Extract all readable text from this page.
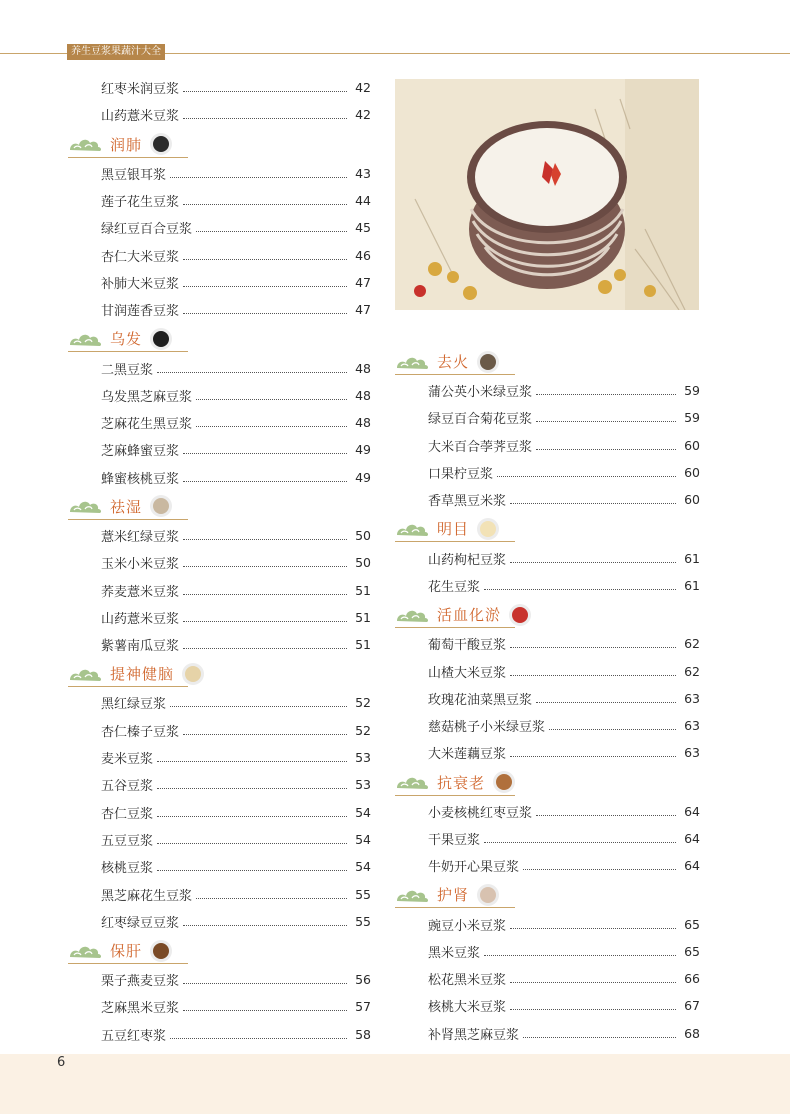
养生豆浆果蔬汁大全
红枣米润豆浆	42
山药薏米豆浆	42
润肺
黑豆银耳浆	43
莲子花生豆浆	44
绿红豆百合豆浆	45
杏仁大米豆浆	46
补肺大米豆浆	47
甘润莲香豆浆	47
乌发
二黑豆浆	48
乌发黑芝麻豆浆	48
芝麻花生黑豆浆	48
芝麻蜂蜜豆浆	49
蜂蜜核桃豆浆	49
祛湿
薏米红绿豆浆	50
玉米小米豆浆	50
荞麦薏米豆浆	51
山药薏米豆浆	51
紫薯南瓜豆浆	51
提神健脑
黑红绿豆浆	52
杏仁榛子豆浆	52
麦米豆浆	53
五谷豆浆	53
杏仁豆浆	54
五豆豆浆	54
核桃豆浆	54
黑芝麻花生豆浆	55
红枣绿豆豆浆	55
保肝
栗子燕麦豆浆	56
芝麻黑米豆浆	57
五豆红枣浆	58
去火
蒲公英小米绿豆浆	59
绿豆百合菊花豆浆	59
大米百合荸荠豆浆	60
口果柠豆浆	60
香草黑豆米浆	60
明目
山药枸杞豆浆	61
花生豆浆	61
活血化淤
葡萄干酸豆浆	62
山楂大米豆浆	62
玫瑰花油菜黑豆浆	63
慈菇桃子小米绿豆浆	63
大米莲藕豆浆	63
抗衰老
小麦核桃红枣豆浆	64
干果豆浆	64
牛奶开心果豆浆	64
护肾
豌豆小米豆浆	65
黑米豆浆	65
松花黑米豆浆	66
核桃大米豆浆	67
补肾黑芝麻豆浆	68
6
